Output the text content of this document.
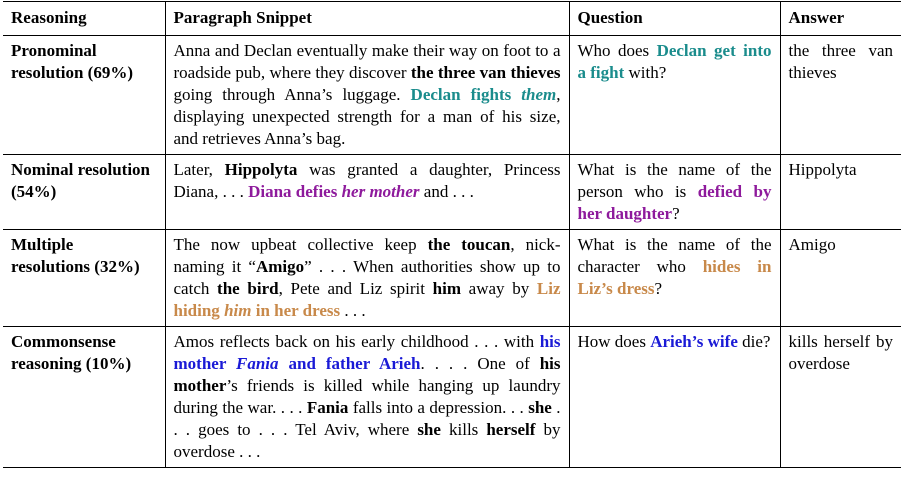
Reasoning	Paragraph Snippet	Question	Answer
Pronominal resolution (69%)	Anna and Declan eventually make their way on foot to a roadside pub, where they discover the three van thieves going through Anna’s luggage. Declan fights them, displaying unexpected strength for a man of his size, and retrieves Anna’s bag.	Who does Declan get into a fight with?	the three van thieves
Nominal resolution (54%)	Later, Hippolyta was granted a daughter, Princess Diana, . . . Diana defies her mother and . . .	What is the name of the person who is defied by her daughter?	Hippolyta
Multiple resolutions (32%)	The now upbeat collective keep the toucan, nick-naming it “Amigo” . . . When authorities show up to catch the bird, Pete and Liz spirit him away by Liz hiding him in her dress . . .	What is the name of the character who hides in Liz’s dress?	Amigo
Commonsense reasoning (10%)	Amos reflects back on his early childhood . . . with his mother Fania and father Arieh. . . . One of his mother’s friends is killed while hanging up laundry during the war. . . . Fania falls into a depression. . . she . . . goes to . . . Tel Aviv, where she kills herself by overdose . . .	How does Arieh’s wife die?	kills herself by overdose
